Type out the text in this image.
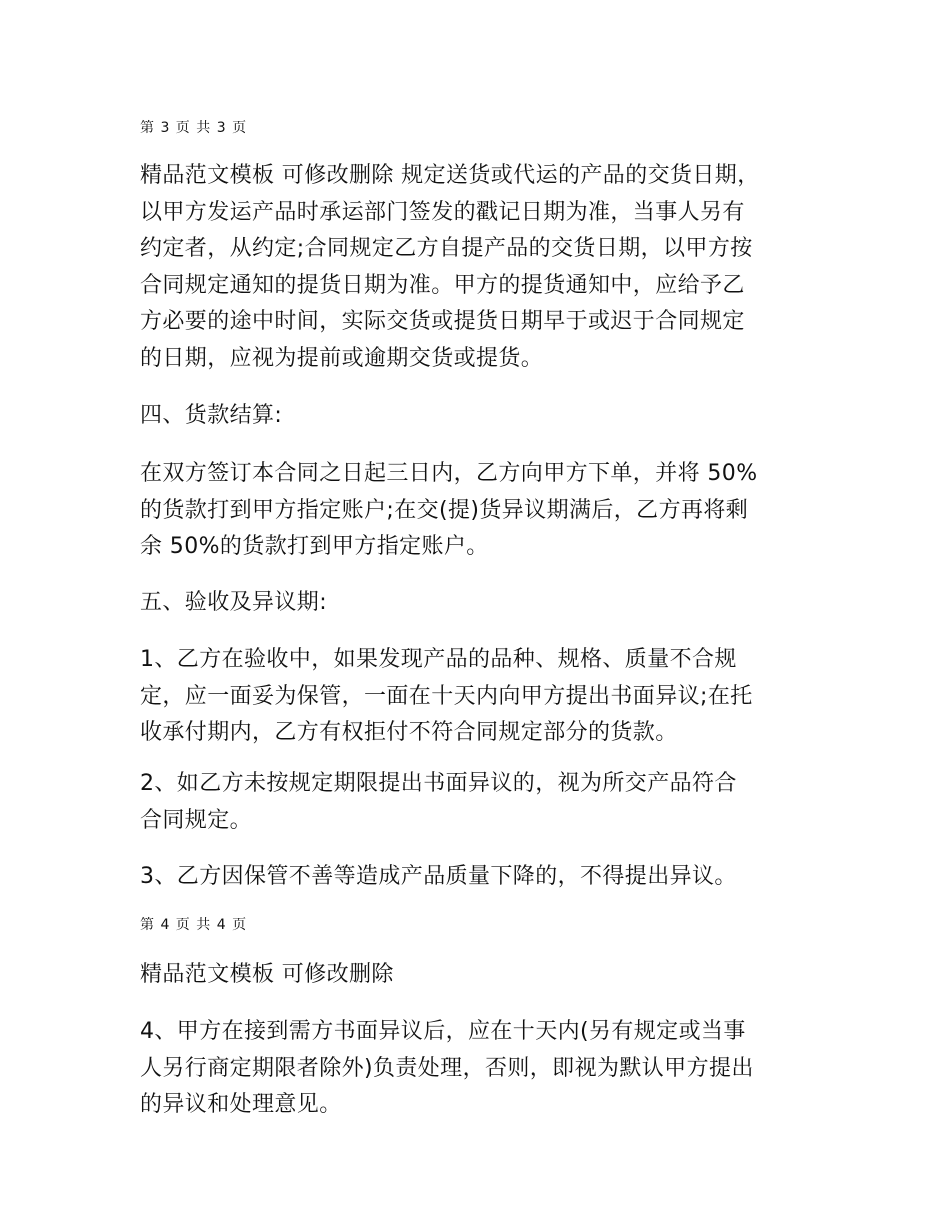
第 3 页 共 3 页
精品范文模板 可修改删除 规定送货或代运的产品的交货日期，
以甲方发运产品时承运部门签发的戳记日期为准，当事人另有
约定者，从约定;合同规定乙方自提产品的交货日期，以甲方按
合同规定通知的提货日期为准。甲方的提货通知中，应给予乙
方必要的途中时间，实际交货或提货日期早于或迟于合同规定
的日期，应视为提前或逾期交货或提货。
四、货款结算:
在双方签订本合同之日起三日内，乙方向甲方下单，并将 50%
的货款打到甲方指定账户;在交(提)货异议期满后，乙方再将剩
余 50%的货款打到甲方指定账户。
五、验收及异议期:
1、乙方在验收中，如果发现产品的品种、规格、质量不合规
定，应一面妥为保管，一面在十天内向甲方提出书面异议;在托
收承付期内，乙方有权拒付不符合同规定部分的货款。
2、如乙方未按规定期限提出书面异议的，视为所交产品符合
合同规定。
3、乙方因保管不善等造成产品质量下降的，不得提出异议。
第 4 页 共 4 页
精品范文模板 可修改删除
4、甲方在接到需方书面异议后，应在十天内(另有规定或当事
人另行商定期限者除外)负责处理，否则，即视为默认甲方提出
的异议和处理意见。
